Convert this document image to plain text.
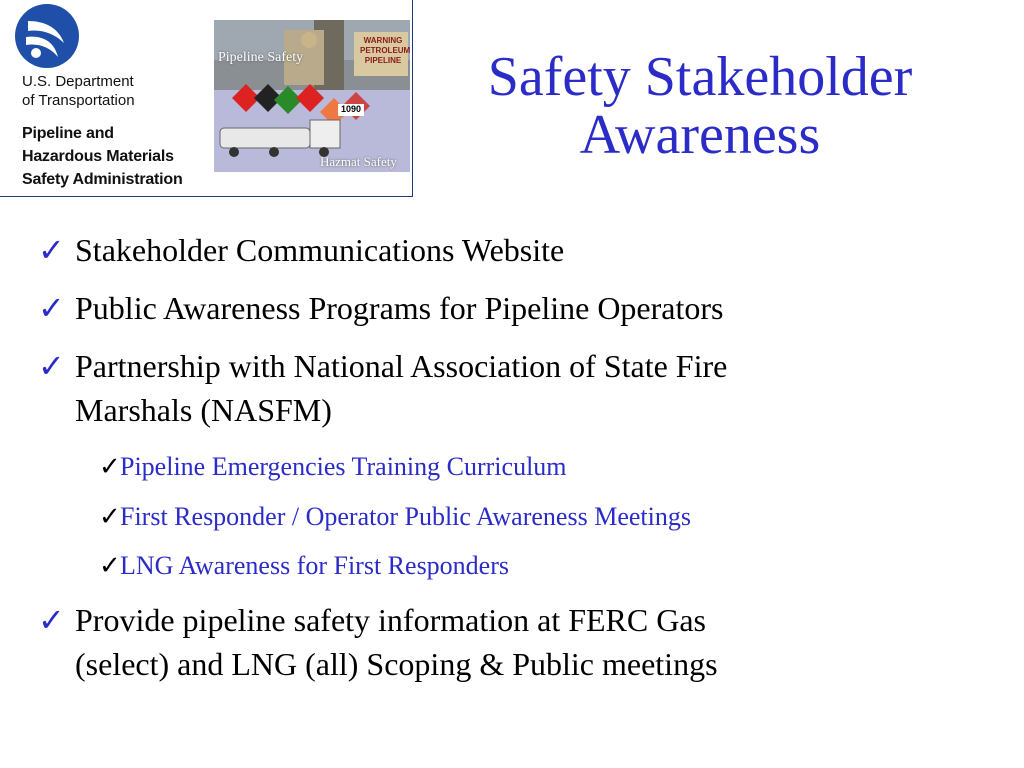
U.S. Department
of Transportation
Pipeline and
Hazardous Materials
Safety Administration
Pipeline Safety
Hazmat Safety
WARNING
PETROLEUM
PIPELINE
1090
Safety Stakeholder
Awareness
✓ Stakeholder Communications Website
✓ Public Awareness Programs for Pipeline Operators
✓ Partnership with National Association of State Fire
Marshals (NASFM)
✓ Pipeline Emergencies Training Curriculum
✓ First Responder / Operator Public Awareness Meetings
✓ LNG Awareness for First Responders
✓ Provide pipeline safety information at FERC Gas
(select) and LNG (all) Scoping & Public meetings
